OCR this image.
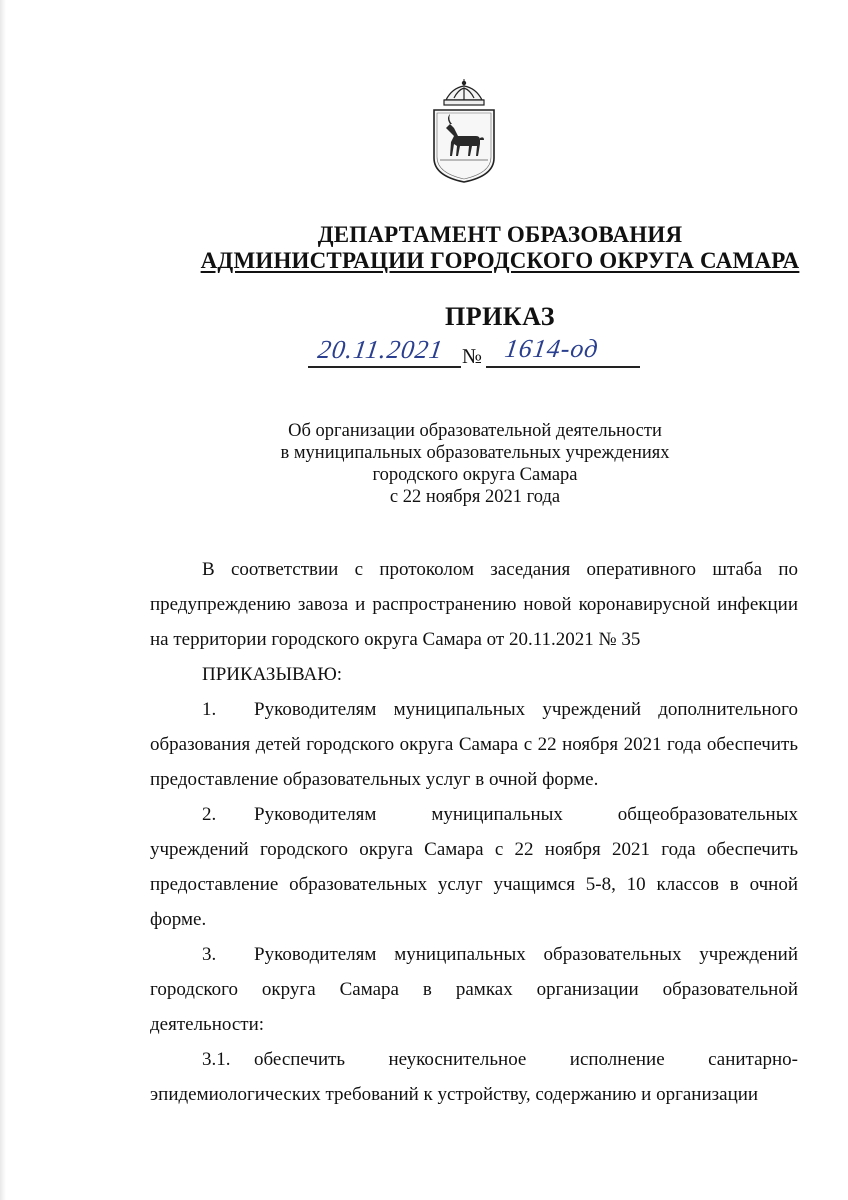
ДЕПАРТАМЕНТ ОБРАЗОВАНИЯ
АДМИНИСТРАЦИИ ГОРОДСКОГО ОКРУГА САМАРА
ПРИКАЗ
20.11.2021 № 1614-од
Об организации образовательной деятельности
в муниципальных образовательных учреждениях
городского округа Самара
с 22 ноября 2021 года

В соответствии с протоколом заседания оперативного штаба по предупреждению завоза и распространению новой коронавирусной инфекции на территории городского округа Самара от 20.11.2021 № 35

ПРИКАЗЫВАЮ:

1. Руководителям муниципальных учреждений дополнительного образования детей городского округа Самара с 22 ноября 2021 года обеспечить предоставление образовательных услуг в очной форме.

2. Руководителям муниципальных общеобразовательных учреждений городского округа Самара с 22 ноября 2021 года обеспечить предоставление образовательных услуг учащимся 5-8, 10 классов в очной форме.

3. Руководителям муниципальных образовательных учреждений городского округа Самара в рамках организации образовательной деятельности:

3.1. обеспечить неукоснительное исполнение санитарно-эпидемиологических требований к устройству, содержанию и организации
